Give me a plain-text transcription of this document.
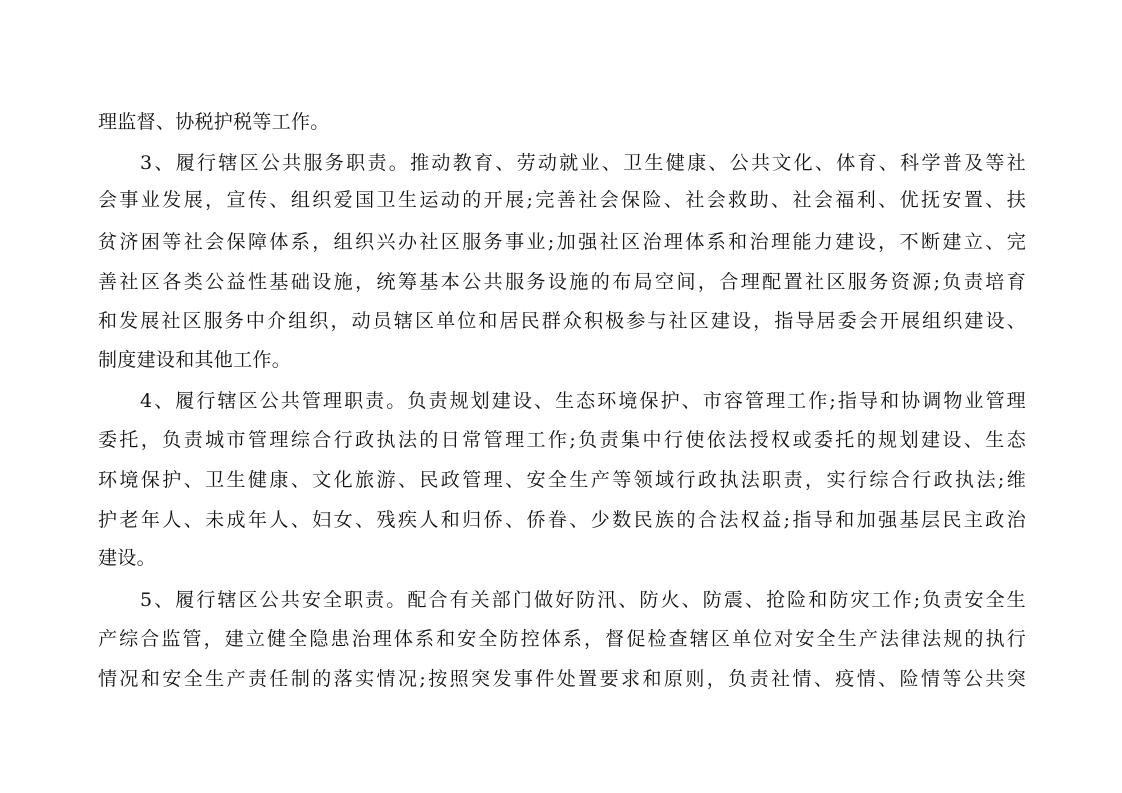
理监督、协税护税等工作。
3、履行辖区公共服务职责。推动教育、劳动就业、卫生健康、公共文化、体育、科学普及等社
会事业发展，宣传、组织爱国卫生运动的开展;完善社会保险、社会救助、社会福利、优抚安置、扶
贫济困等社会保障体系，组织兴办社区服务事业;加强社区治理体系和治理能力建设，不断建立、完
善社区各类公益性基础设施，统筹基本公共服务设施的布局空间，合理配置社区服务资源;负责培育
和发展社区服务中介组织，动员辖区单位和居民群众积极参与社区建设，指导居委会开展组织建设、
制度建设和其他工作。
4、履行辖区公共管理职责。负责规划建设、生态环境保护、市容管理工作;指导和协调物业管理
委托，负责城市管理综合行政执法的日常管理工作;负责集中行使依法授权或委托的规划建设、生态
环境保护、卫生健康、文化旅游、民政管理、安全生产等领域行政执法职责，实行综合行政执法;维
护老年人、未成年人、妇女、残疾人和归侨、侨眷、少数民族的合法权益;指导和加强基层民主政治
建设。
5、履行辖区公共安全职责。配合有关部门做好防汛、防火、防震、抢险和防灾工作;负责安全生
产综合监管，建立健全隐患治理体系和安全防控体系，督促检查辖区单位对安全生产法律法规的执行
情况和安全生产责任制的落实情况;按照突发事件处置要求和原则，负责社情、疫情、险情等公共突
